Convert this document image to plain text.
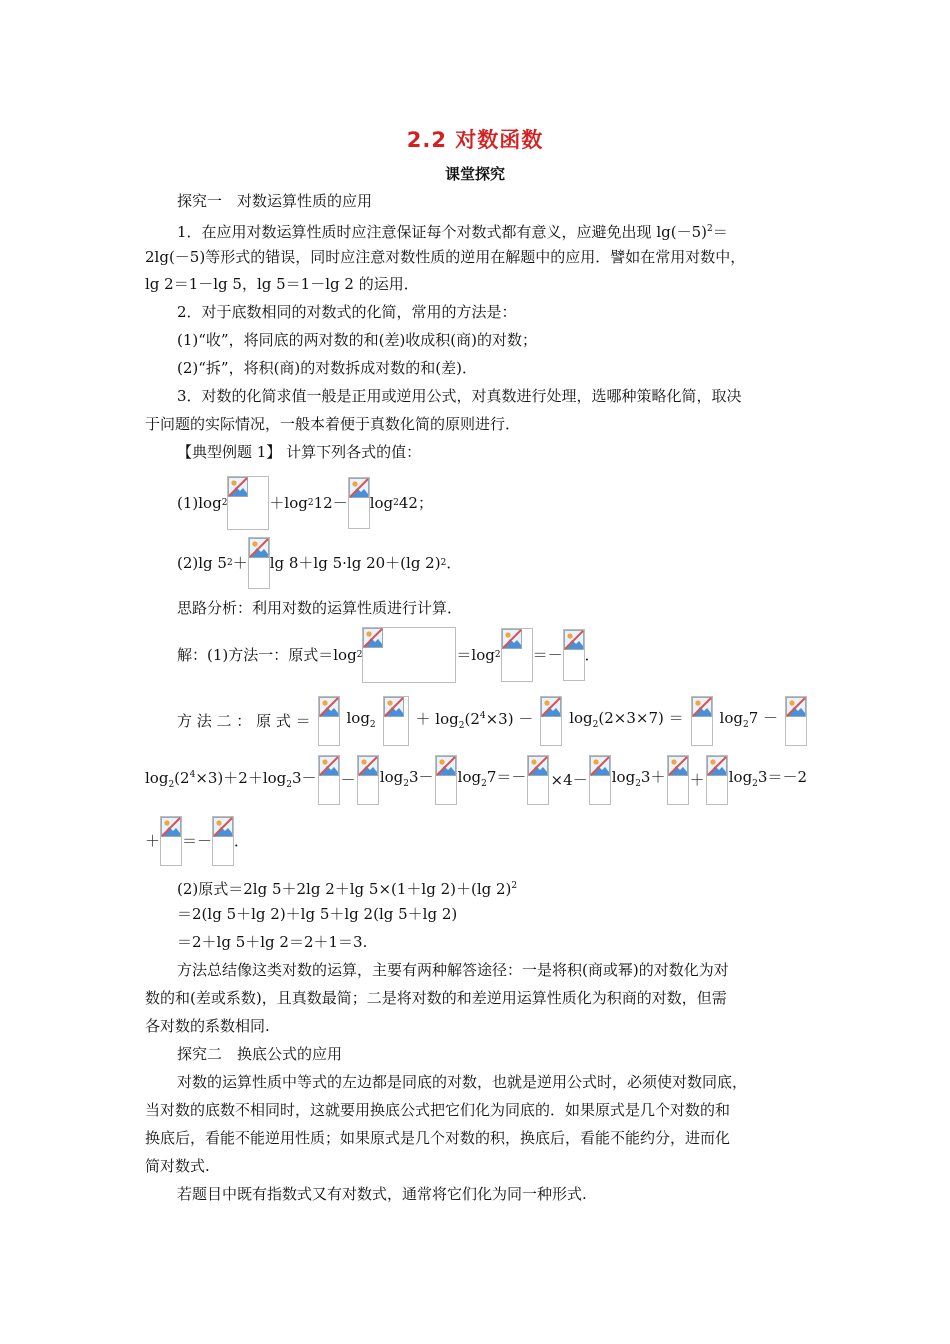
2.2 对数函数
课堂探究
探究一　对数运算性质的应用
1．在应用对数运算性质时应注意保证每个对数式都有意义，应避免出现 $\lg(-5)^2=$
2lg(－5)等形式的错误，同时应注意对数性质的逆用在解题中的应用．譬如在常用对数中，
lg 2＝1－lg 5，lg 5＝1－lg 2 的运用．
2．对于底数相同的对数式的化简，常用的方法是：
(1)“收”，将同底的两对数的和(差)收成积(商)的对数；
(2)“拆”，将积(商)的对数拆成对数的和(差)．
3．对数的化简求值一般是正用或逆用公式，对真数进行处理，选哪种策略化简，取决
于问题的实际情况，一般本着便于真数化简的原则进行．
【典型例题 1】 计算下列各式的值：
(1)log 2	＋log 2 12－ log 2 42；
(2)lg 5 2 ＋ lg 8＋lg 5·lg 20＋(lg 2) 2 ．
思路分析：利用对数的运算性质进行计算．
解：(1)方法一：原式＝log 2	＝log 2 ＝－ ．
方 法 二 ： 原 式 ＝ $\log_2$	＋ $\log_2(2^4\times 3) - \log_2(2\times 3\times 7) = \log_27$ －
$\log_2(2^4\times 3)+2+\log_23- - \log_23- \log_27=- \times 4- \log_23+ + \log_23=-2$
＋ ＝－ ．
(2)原式＝2lg 5＋2lg 2＋lg 5×(1＋lg 2)＋(lg 2)$^2$
＝2(lg 5＋lg 2)＋lg 5＋lg 2(lg 5＋lg 2)
＝2＋lg 5＋lg 2＝2＋1＝3.
方法总结像这类对数的运算，主要有两种解答途径：一是将积(商或幂)的对数化为对
数的和(差或系数)，且真数最简；二是将对数的和差逆用运算性质化为积商的对数，但需
各对数的系数相同.
探究二　换底公式的应用
对数的运算性质中等式的左边都是同底的对数，也就是逆用公式时，必须使对数同底，
当对数的底数不相同时，这就要用换底公式把它们化为同底的．如果原式是几个对数的和
换底后，看能不能逆用性质；如果原式是几个对数的积，换底后，看能不能约分，进而化
简对数式.
若题目中既有指数式又有对数式，通常将它们化为同一种形式.
